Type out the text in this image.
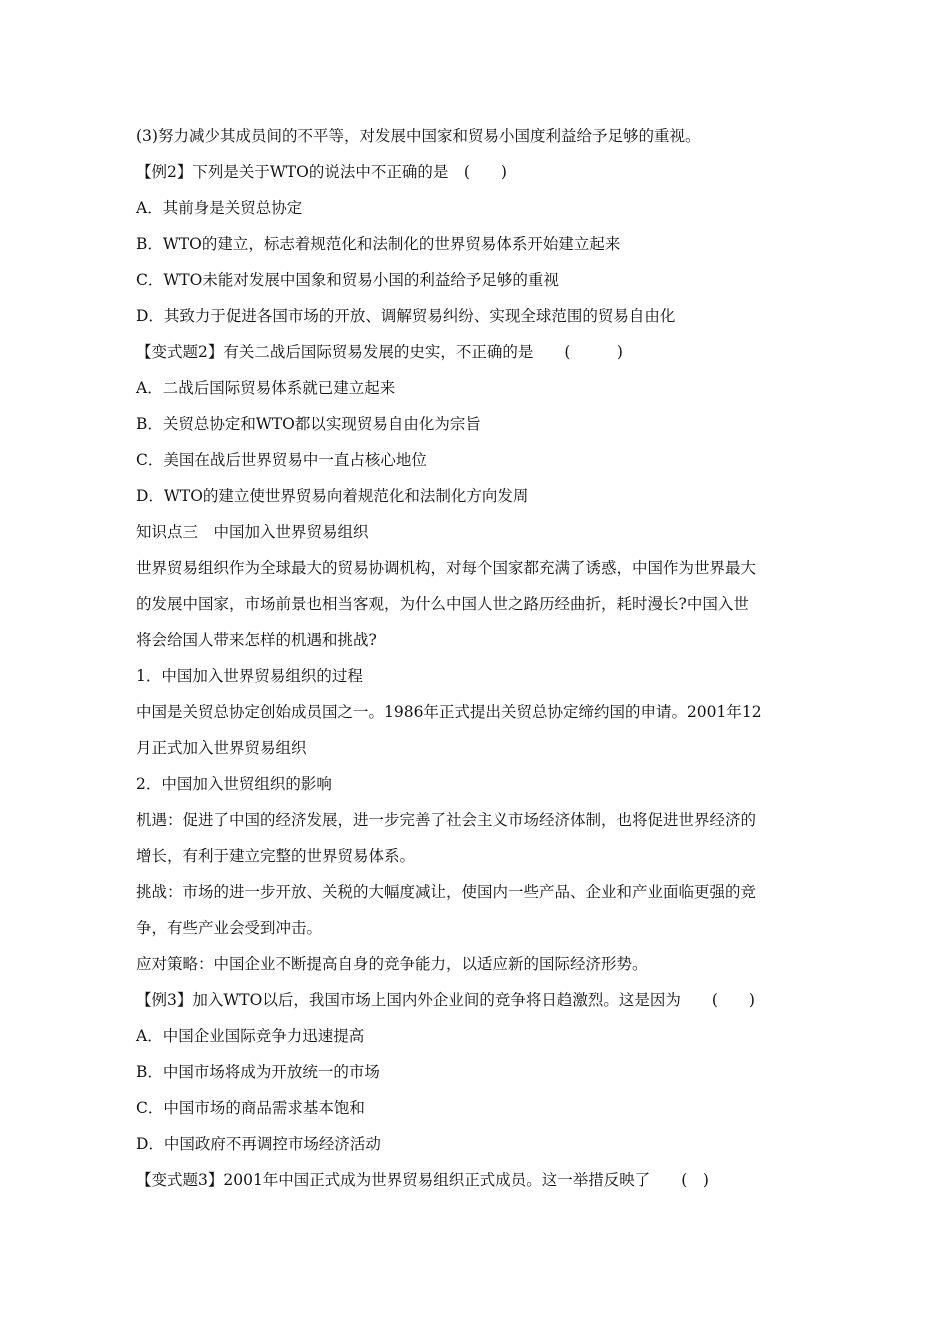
(3)努力减少其成员间的不平等，对发展中国家和贸易小国度利益给予足够的重视。
【例2】下列是关于WTO的说法中不正确的是　(　　)
A．其前身是关贸总协定
B．WTO的建立，标志着规范化和法制化的世界贸易体系开始建立起来
C．WTO未能对发展中国象和贸易小国的利益给予足够的重视
D．其致力于促进各国市场的开放、调解贸易纠纷、实现全球范围的贸易自由化
【变式题2】有关二战后国际贸易发展的史实，不正确的是　　(　　　)
A．二战后国际贸易体系就已建立起来
B．关贸总协定和WTO都以实现贸易自由化为宗旨
C．美国在战后世界贸易中一直占核心地位
D．WTO的建立使世界贸易向着规范化和法制化方向发周
知识点三　中国加入世界贸易组织
世界贸易组织作为全球最大的贸易协调机构，对每个国家都充满了诱惑，中国作为世界最大
的发展中国家，市场前景也相当客观，为什么中国人世之路历经曲折，耗时漫长?中国入世
将会给国人带来怎样的机遇和挑战?
1．中国加入世界贸易组织的过程
中国是关贸总协定创始成员国之一。1986年正式提出关贸总协定缔约国的申请。2001年12
月正式加入世界贸易组织
2．中国加入世贸组织的影响
机遇：促进了中国的经济发展，进一步完善了社会主义市场经济体制，也将促进世界经济的
增长，有利于建立完整的世界贸易体系。
挑战：市场的进一步开放、关税的大幅度减让，使国内一些产品、企业和产业面临更强的竞
争，有些产业会受到冲击。
应对策略：中国企业不断提高自身的竞争能力，以适应新的国际经济形势。
【例3】加入WTO以后，我国市场上国内外企业间的竞争将日趋激烈。这是因为　　(　　)
A．中国企业国际竞争力迅速提高
B．中国市场将成为开放统一的市场
C．中国市场的商品需求基本饱和
D．中国政府不再调控市场经济活动
【变式题3】2001年中国正式成为世界贸易组织正式成员。这一举措反映了　　(　)
